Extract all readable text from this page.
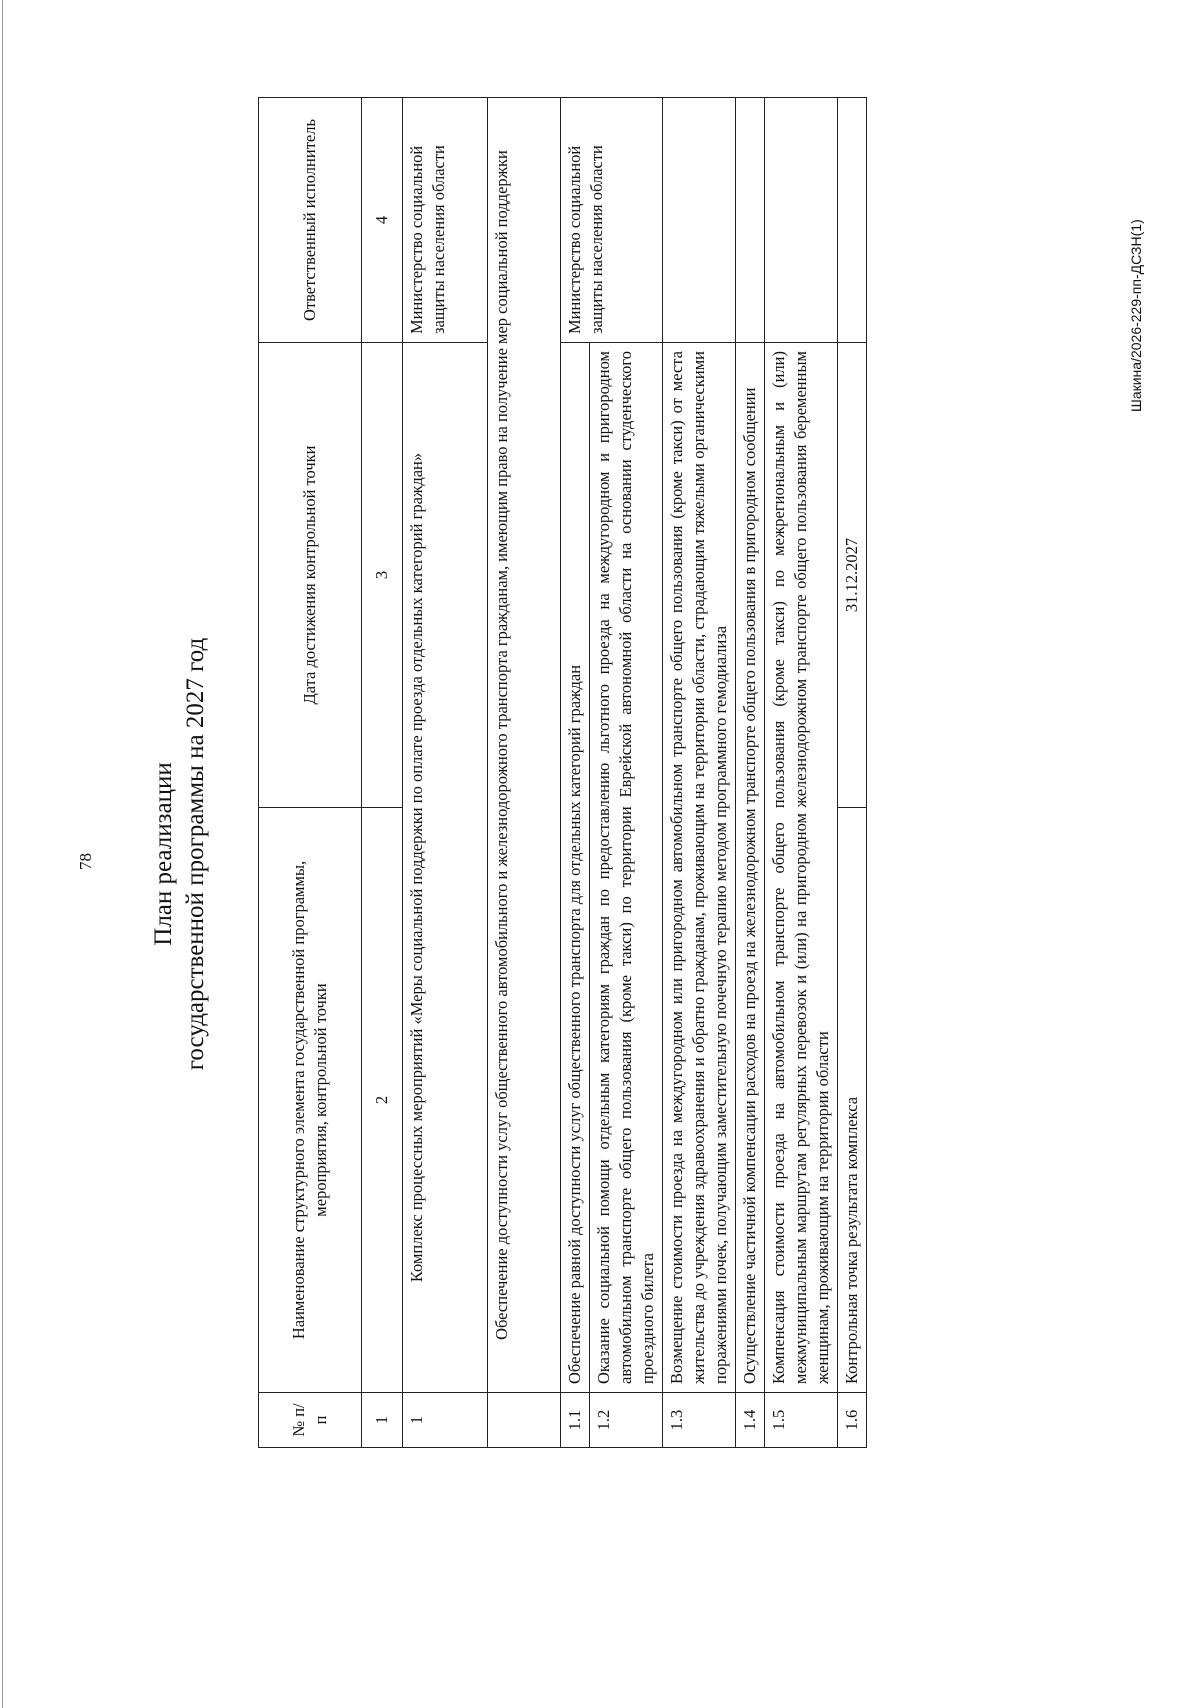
78 План реализации государственной программы на 2027 год
№ п/п	Наименование структурного элемента государственной программы, мероприятия, контрольной точки	Дата достижения контрольной точки	Ответственный исполнитель
1	2	3	4
1	Комплекс процессных мероприятий «Меры социальной поддержки по оплате проезда отдельных категорий граждан»		Министерство социальной защиты населения области
	Обеспечение доступности услуг общественного автомобильного и железнодорожного транспорта гражданам, имеющим право на получение мер социальной поддержки		
1.1	Обеспечение равной доступности услуг общественного транспорта для отдельных категорий граждан		Министерство социальной защиты населения области
1.2	Оказание социальной помощи отдельным категориям граждан по предоставлению льготного проезда на междугородном и пригородном автомобильном транспорте общего пользования (кроме такси) по территории Еврейской автономной области на основании студенческого проездного билета		
1.3	Возмещение стоимости проезда на междугородном или пригородном автомобильном транспорте общего пользования (кроме такси) от места жительства до учреждения здравоохранения и обратно гражданам, проживающим на территории области, страдающим тяжелыми органическими поражениями почек, получающим заместительную почечную терапию методом программного гемодиализа		
1.4	Осуществление частичной компенсации расходов на проезд на железнодорожном транспорте общего пользования в пригородном сообщении		
1.5	Компенсация стоимости проезда на автомобильном транспорте общего пользования (кроме такси) по межрегиональным и (или) межмуниципальным маршрутам регулярных перевозок и (или) на пригородном железнодорожном транспорте общего пользования беременным женщинам, проживающим на территории области		
1.6	Контрольная точка результата комплекса	31.12.2027	
Шакина/2026-229-пп-ДСЗН(1)
